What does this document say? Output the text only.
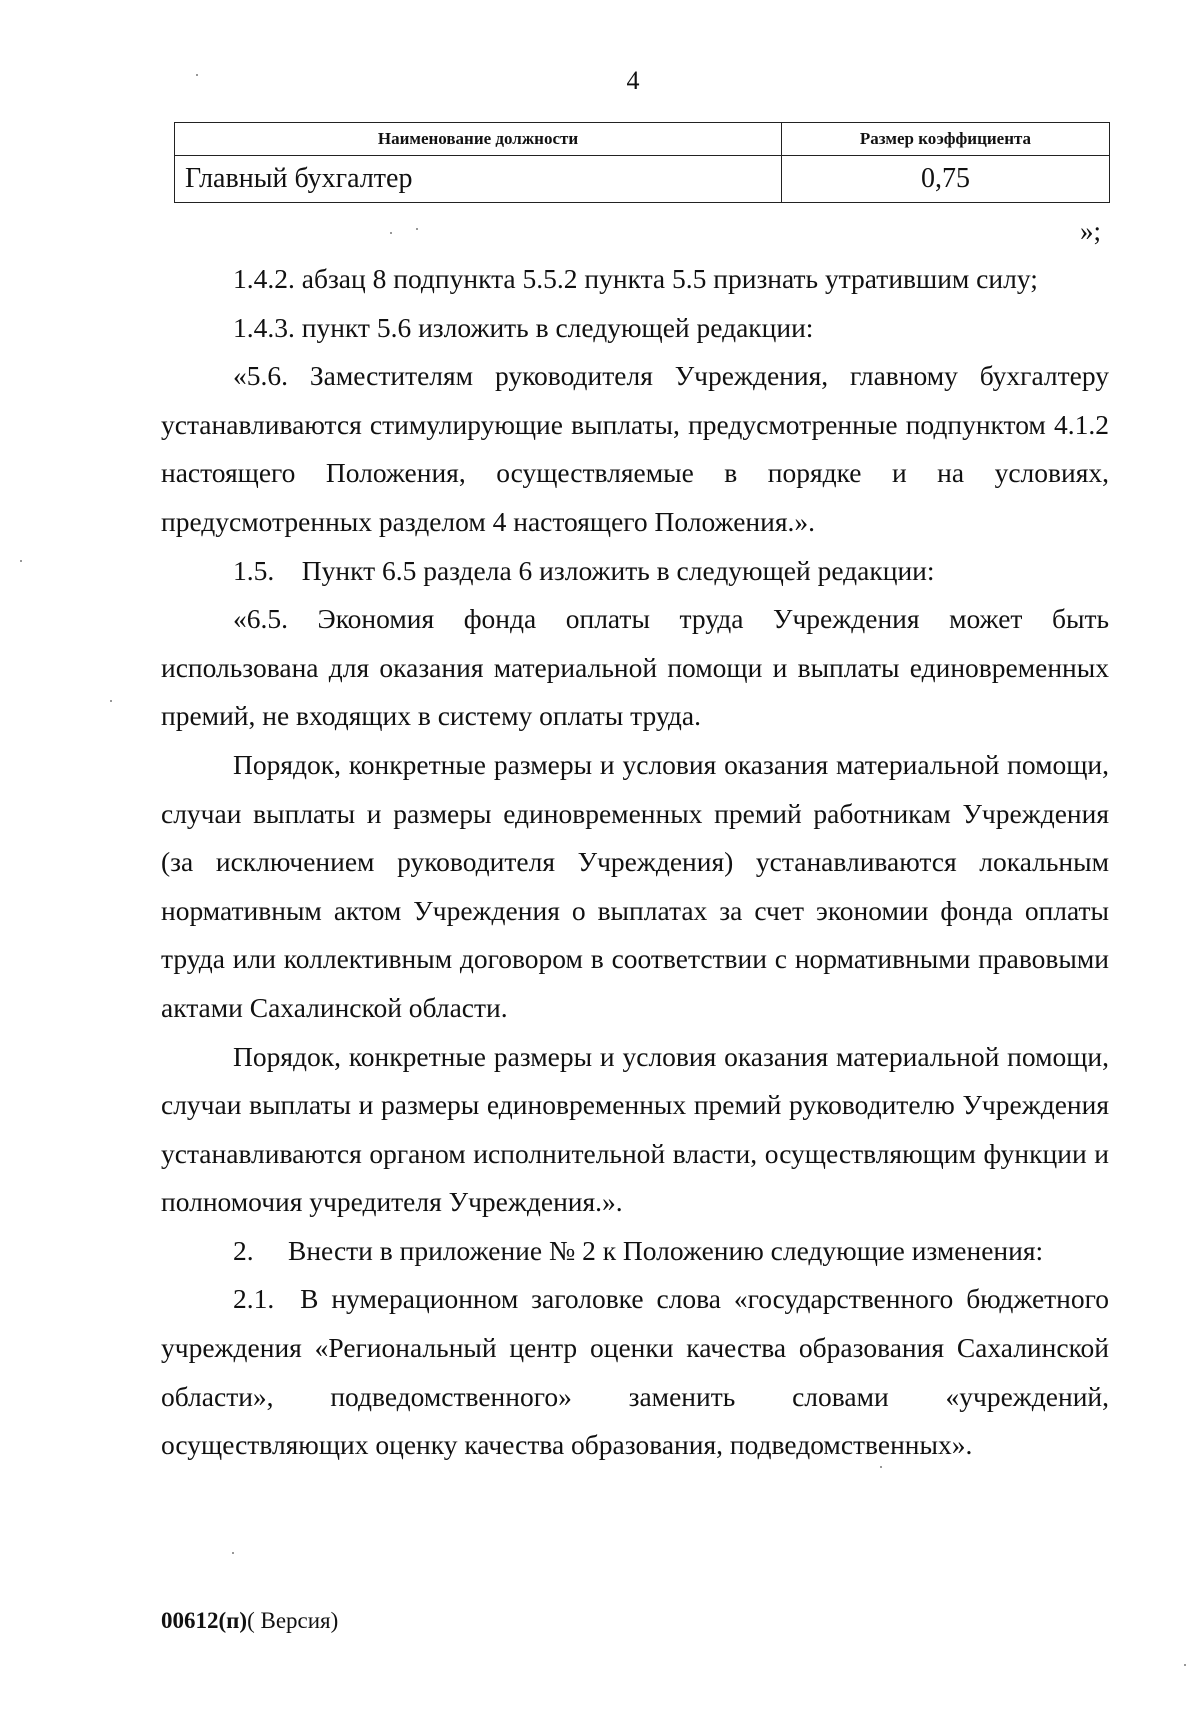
4
Наименование должности	Размер коэффициента
Главный бухгалтер	0,75
»;

1.4.2. абзац 8 подпункта 5.5.2 пункта 5.5 признать утратившим силу;

1.4.3. пункт 5.6 изложить в следующей редакции:

«5.6. Заместителям руководителя Учреждения, главному бухгалтеру устанавливаются стимулирующие выплаты, предусмотренные подпунктом 4.1.2 настоящего Положения, осуществляемые в порядке и на условиях, предусмотренных разделом 4 настоящего Положения.».

1.5.    Пункт 6.5 раздела 6 изложить в следующей редакции:

«6.5. Экономия фонда оплаты труда Учреждения может быть использована для оказания материальной помощи и выплаты единовременных премий, не входящих в систему оплаты труда.

Порядок, конкретные размеры и условия оказания материальной помощи, случаи выплаты и размеры единовременных премий работникам Учреждения (за исключением руководителя Учреждения) устанавливаются локальным нормативным актом Учреждения о выплатах за счет экономии фонда оплаты труда или коллективным договором в соответствии с нормативными правовыми актами Сахалинской области.

Порядок, конкретные размеры и условия оказания материальной помощи, случаи выплаты и размеры единовременных премий руководителю Учреждения устанавливаются органом исполнительной власти, осуществляющим функции и полномочия учредителя Учреждения.».

2.     Внести в приложение № 2 к Положению следующие изменения:

2.1.  В нумерационном заголовке слова «государственного бюджетного учреждения «Региональный центр оценки качества образования Сахалинской области», подведомственного» заменить словами «учреждений, осуществляющих оценку качества образования, подведомственных».

00612(п)( Версия)
